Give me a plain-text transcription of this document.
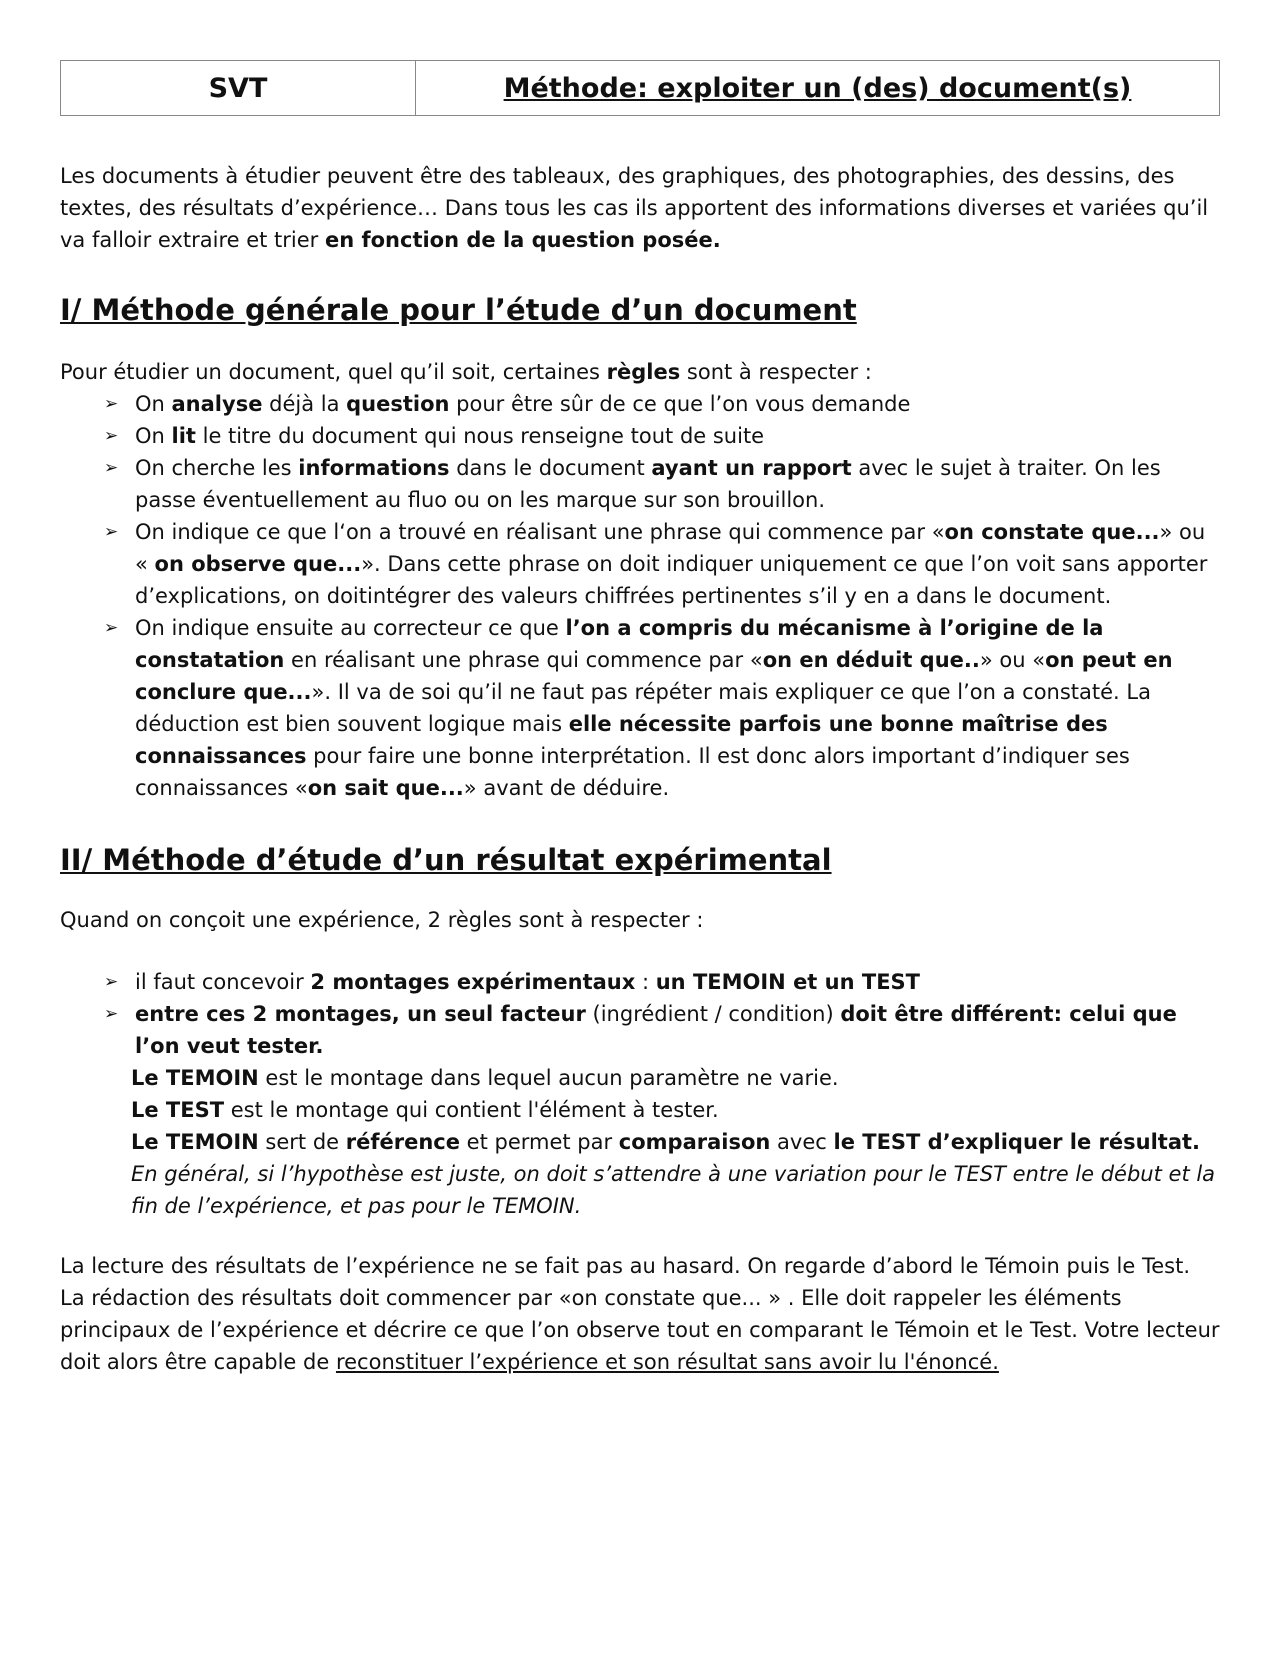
SVT	Méthode: exploiter un (des) document(s)

Les documents à étudier peuvent être des tableaux, des graphiques, des photographies, des dessins, des textes, des résultats d’expérience… Dans tous les cas ils apportent des informations diverses et variées qu’il va falloir extraire et trier en fonction de la question posée.

I/ Méthode générale pour l’étude d’un document

Pour étudier un document, quel qu’il soit, certaines règles sont à respecter :

➢ On analyse déjà la question pour être sûr de ce que l’on vous demande
➢ On lit le titre du document qui nous renseigne tout de suite
➢ On cherche les informations dans le document ayant un rapport avec le sujet à traiter. On les passe éventuellement au fluo ou on les marque sur son brouillon.
➢ On indique ce que l‘on a trouvé en réalisant une phrase qui commence par «on constate que...» ou « on observe que...». Dans cette phrase on doit indiquer uniquement ce que l’on voit sans apporter d’explications, on doitintégrer des valeurs chiffrées pertinentes s’il y en a dans le document.
➢ On indique ensuite au correcteur ce que l’on a compris du mécanisme à l’origine de la constatation en réalisant une phrase qui commence par «on en déduit que..» ou «on peut en conclure que...». Il va de soi qu’il ne faut pas répéter mais expliquer ce que l’on a constaté. La déduction est bien souvent logique mais elle nécessite parfois une bonne maîtrise des connaissances pour faire une bonne interprétation. Il est donc alors important d’indiquer ses connaissances «on sait que...» avant de déduire.
II/ Méthode d’étude d’un résultat expérimental

Quand on conçoit une expérience, 2 règles sont à respecter :

➢ il faut concevoir 2 montages expérimentaux : un TEMOIN et un TEST
➢ entre ces 2 montages, un seul facteur (ingrédient / condition) doit être différent: celui que l’on veut tester.

Le TEMOIN est le montage dans lequel aucun paramètre ne varie.

Le TEST est le montage qui contient l'élément à tester.

Le TEMOIN sert de référence et permet par comparaison avec le TEST d’expliquer le résultat.

En général, si l’hypothèse est juste, on doit s’attendre à une variation pour le TEST entre le début et la fin de l’expérience, et pas pour le TEMOIN.

La lecture des résultats de l’expérience ne se fait pas au hasard. On regarde d’abord le Témoin puis le Test. La rédaction des résultats doit commencer par «on constate que... » . Elle doit rappeler les éléments principaux de l’expérience et décrire ce que l’on observe tout en comparant le Témoin et le Test. Votre lecteur doit alors être capable de reconstituer l’expérience et son résultat sans avoir lu l'énoncé.
